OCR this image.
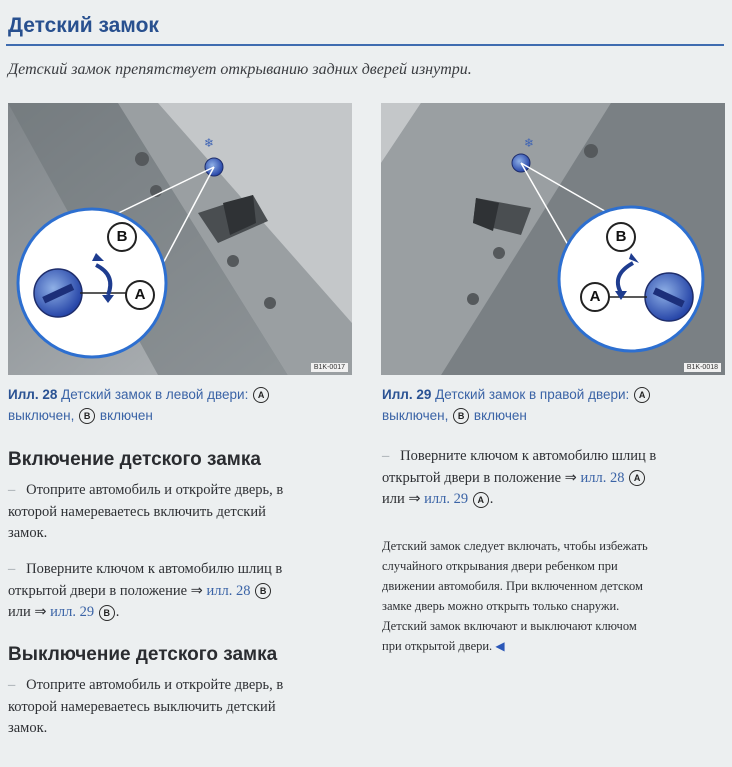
Детский замок
Детский замок препятствует открыванию задних дверей изнутри.
❄
B
A
B1K-0017
❄
B
A
B1K-0018
Илл. 28 Детский замок в левой двери: A
выключен, B включен
Илл. 29 Детский замок в правой двери: A
выключен, B включен
Включение детского замка
– Отоприте автомобиль и откройте дверь, в
которой намереваетесь включить детский
замок.
– Поверните ключом к автомобилю шлиц в
открытой двери в положение ⇒ илл. 28 B
или ⇒ илл. 29 B .
Выключение детского замка
– Отоприте автомобиль и откройте дверь, в
которой намереваетесь выключить детский
замок.
– Поверните ключом к автомобилю шлиц в
открытой двери в положение ⇒ илл. 28 A
или ⇒ илл. 29 A .
Детский замок следует включать, чтобы избежать
случайного открывания двери ребенком при
движении автомобиля. При включенном детском
замке дверь можно открыть только снаружи.
Детский замок включают и выключают ключом
при открытой двери. ◀
